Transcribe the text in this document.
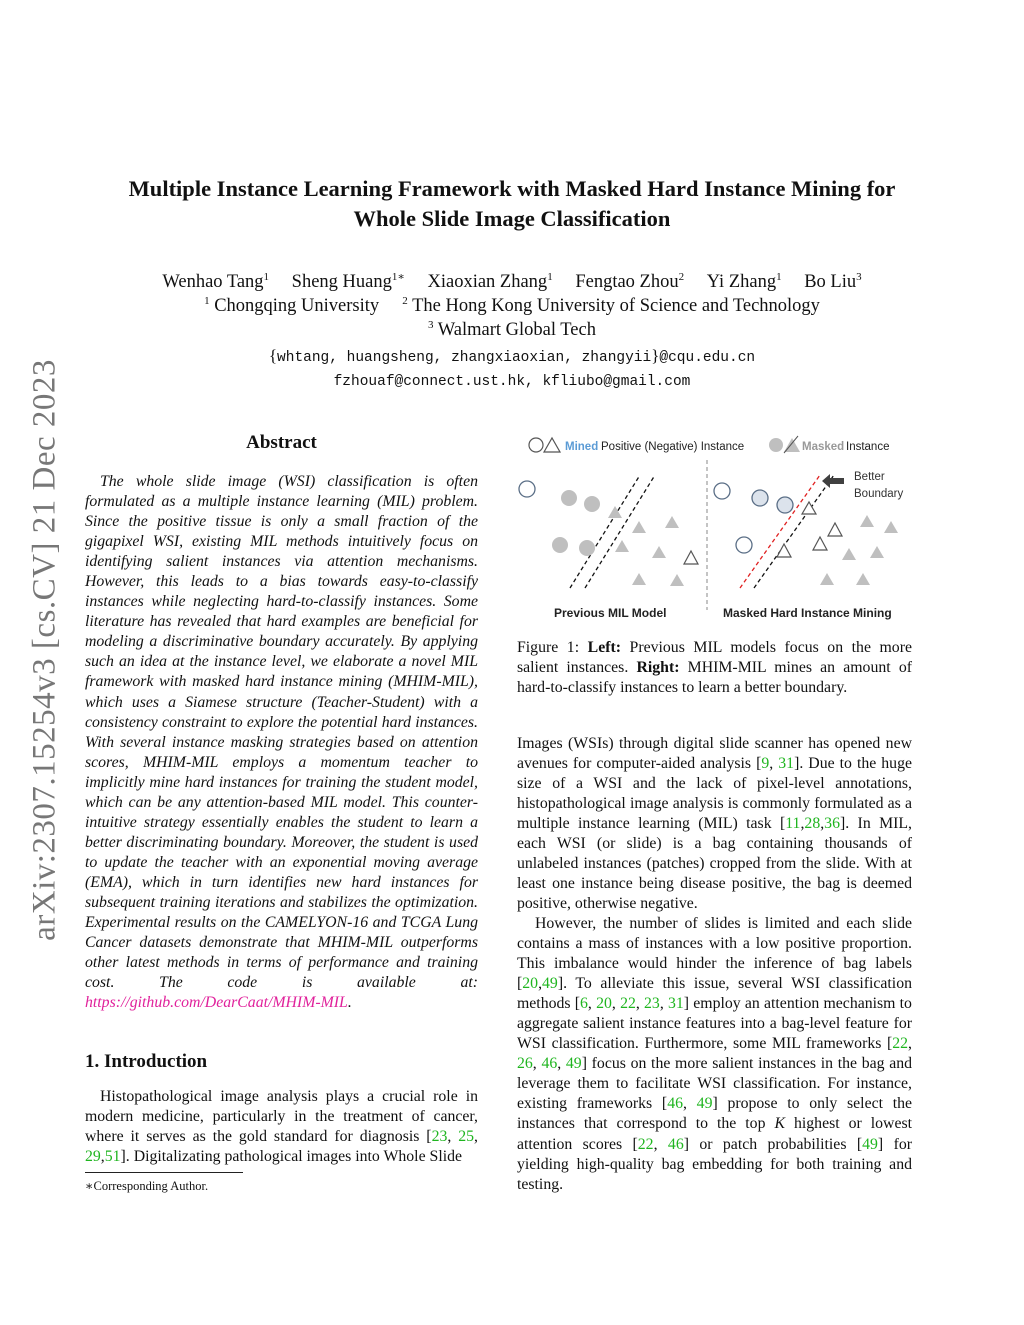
arXiv:2307.15254v3 [cs.CV] 21 Dec 2023
Multiple Instance Learning Framework with Masked Hard Instance Mining for
Whole Slide Image Classification
Wenhao Tang$^1$ Sheng Huang$^{1∗}$ Xiaoxian Zhang$^1$ Fengtao Zhou$^2$ Yi Zhang$^1$ Bo Liu$^3$
$^1$ Chongqing University $^2$ The Hong Kong University of Science and Technology
$^3$ Walmart Global Tech
{whtang, huangsheng, zhangxiaoxian, zhangyii}@cqu.edu.cn
fzhouaf@connect.ust.hk, kfliubo@gmail.com
Abstract

The whole slide image (WSI) classification is often formulated as a multiple instance learning (MIL) problem. Since the positive tissue is only a small fraction of the gigapixel WSI, existing MIL methods intuitively focus on identifying salient instances via attention mechanisms. However, this leads to a bias towards easy-to-classify instances while neglecting hard-to-classify instances. Some literature has revealed that hard examples are beneficial for modeling a discriminative boundary accurately. By applying such an idea at the instance level, we elaborate a novel MIL framework with masked hard instance mining (MHIM-MIL), which uses a Siamese structure (Teacher-Student) with a consistency constraint to explore the potential hard instances. With several instance masking strategies based on attention scores, MHIM-MIL employs a momentum teacher to implicitly mine hard instances for training the student model, which can be any attention-based MIL model. This counter-intuitive strategy essentially enables the student to learn a better discriminating boundary. Moreover, the student is used to update the teacher with an exponential moving average (EMA), which in turn identifies new hard instances for subsequent training iterations and stabilizes the optimization. Experimental results on the CAMELYON-16 and TCGA Lung Cancer datasets demonstrate that MHIM-MIL outperforms other latest methods in terms of performance and training cost. The code is available at: https://github.com/DearCaat/MHIM-MIL.

1. Introduction

Histopathological image analysis plays a crucial role in modern medicine, particularly in the treatment of cancer, where it serves as the gold standard for diagnosis [23, 25, 29,51]. Digitalizating pathological images into Whole Slide

∗Corresponding Author.
Mined Positive (Negative) Instance	Masked Instance
Previous MIL Model
Better
Boundary
Masked Hard Instance Mining

Figure 1: Left: Previous MIL models focus on the more salient instances. Right: MHIM-MIL mines an amount of hard-to-classify instances to learn a better boundary.

Images (WSIs) through digital slide scanner has opened new avenues for computer-aided analysis [9, 31]. Due to the huge size of a WSI and the lack of pixel-level annotations, histopathological image analysis is commonly formulated as a multiple instance learning (MIL) task [11,28,36]. In MIL, each WSI (or slide) is a bag containing thousands of unlabeled instances (patches) cropped from the slide. With at least one instance being disease positive, the bag is deemed positive, otherwise negative.

However, the number of slides is limited and each slide contains a mass of instances with a low positive proportion. This imbalance would hinder the inference of bag labels [20,49]. To alleviate this issue, several WSI classification methods [6, 20, 22, 23, 31] employ an attention mechanism to aggregate salient instance features into a bag-level feature for WSI classification. Furthermore, some MIL frameworks [22, 26, 46, 49] focus on the more salient instances in the bag and leverage them to facilitate WSI classification. For instance, existing frameworks [46, 49] propose to only select the instances that correspond to the top K highest or lowest attention scores [22, 46] or patch probabilities [49] for yielding high-quality bag embedding for both training and testing.
